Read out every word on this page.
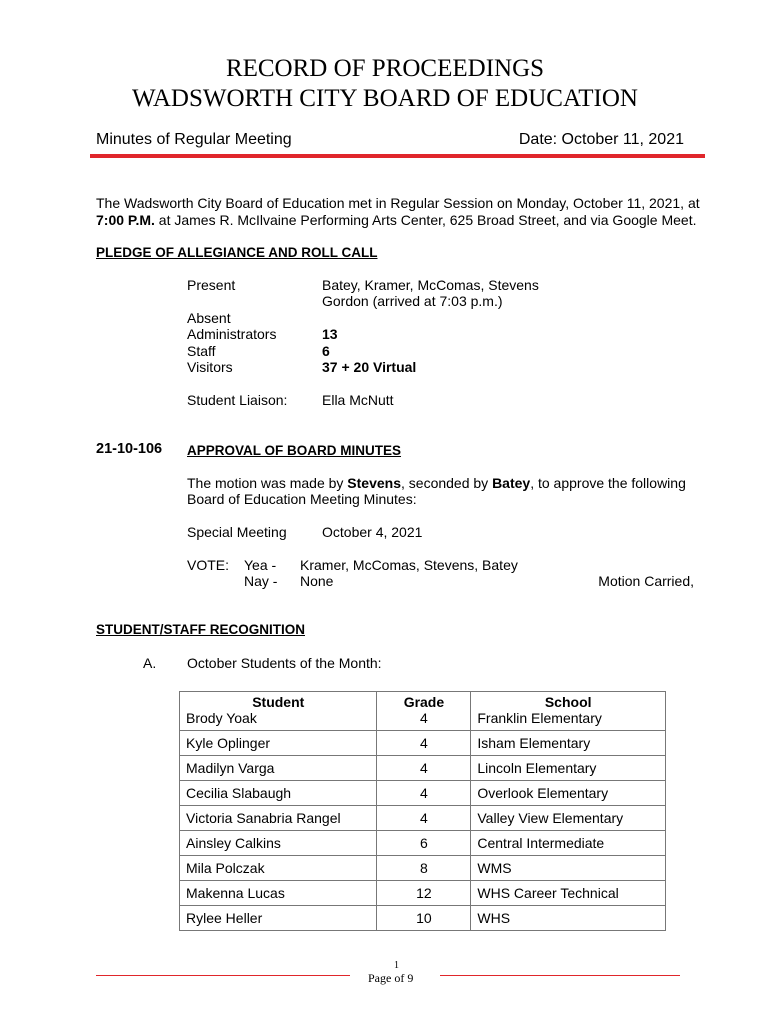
RECORD OF PROCEEDINGS
WADSWORTH CITY BOARD OF EDUCATION
Minutes of Regular Meeting	Date: October 11, 2021
The Wadsworth City Board of Education met in Regular Session on Monday, October 11, 2021, at 7:00 P.M. at James R. McIlvaine Performing Arts Center, 625 Broad Street, and via Google Meet.
PLEDGE OF ALLEGIANCE AND ROLL CALL
Present	Batey, Kramer, McComas, Stevens
Gordon (arrived at 7:03 p.m.)
Absent
Administrators	13
Staff	6
Visitors	37 + 20 Virtual
Student Liaison: Ella McNutt
21-10-106 APPROVAL OF BOARD MINUTES
The motion was made by Stevens, seconded by Batey, to approve the following
Board of Education Meeting Minutes:
Special Meeting	October 4, 2021
VOTE: Yea - Kramer, McComas, Stevens, Batey
Nay - None	Motion Carried,
STUDENT/STAFF RECOGNITION
A. October Students of the Month:
Student	Grade	School
Brody Yoak	4	Franklin Elementary
Kyle Oplinger	4	Isham Elementary
Madilyn Varga	4	Lincoln Elementary
Cecilia Slabaugh	4	Overlook Elementary
Victoria Sanabria Rangel	4	Valley View Elementary
Ainsley Calkins	6	Central Intermediate
Mila Polczak	8	WMS
Makenna Lucas	12	WHS Career Technical
Rylee Heller	10	WHS
1
Page of 9
